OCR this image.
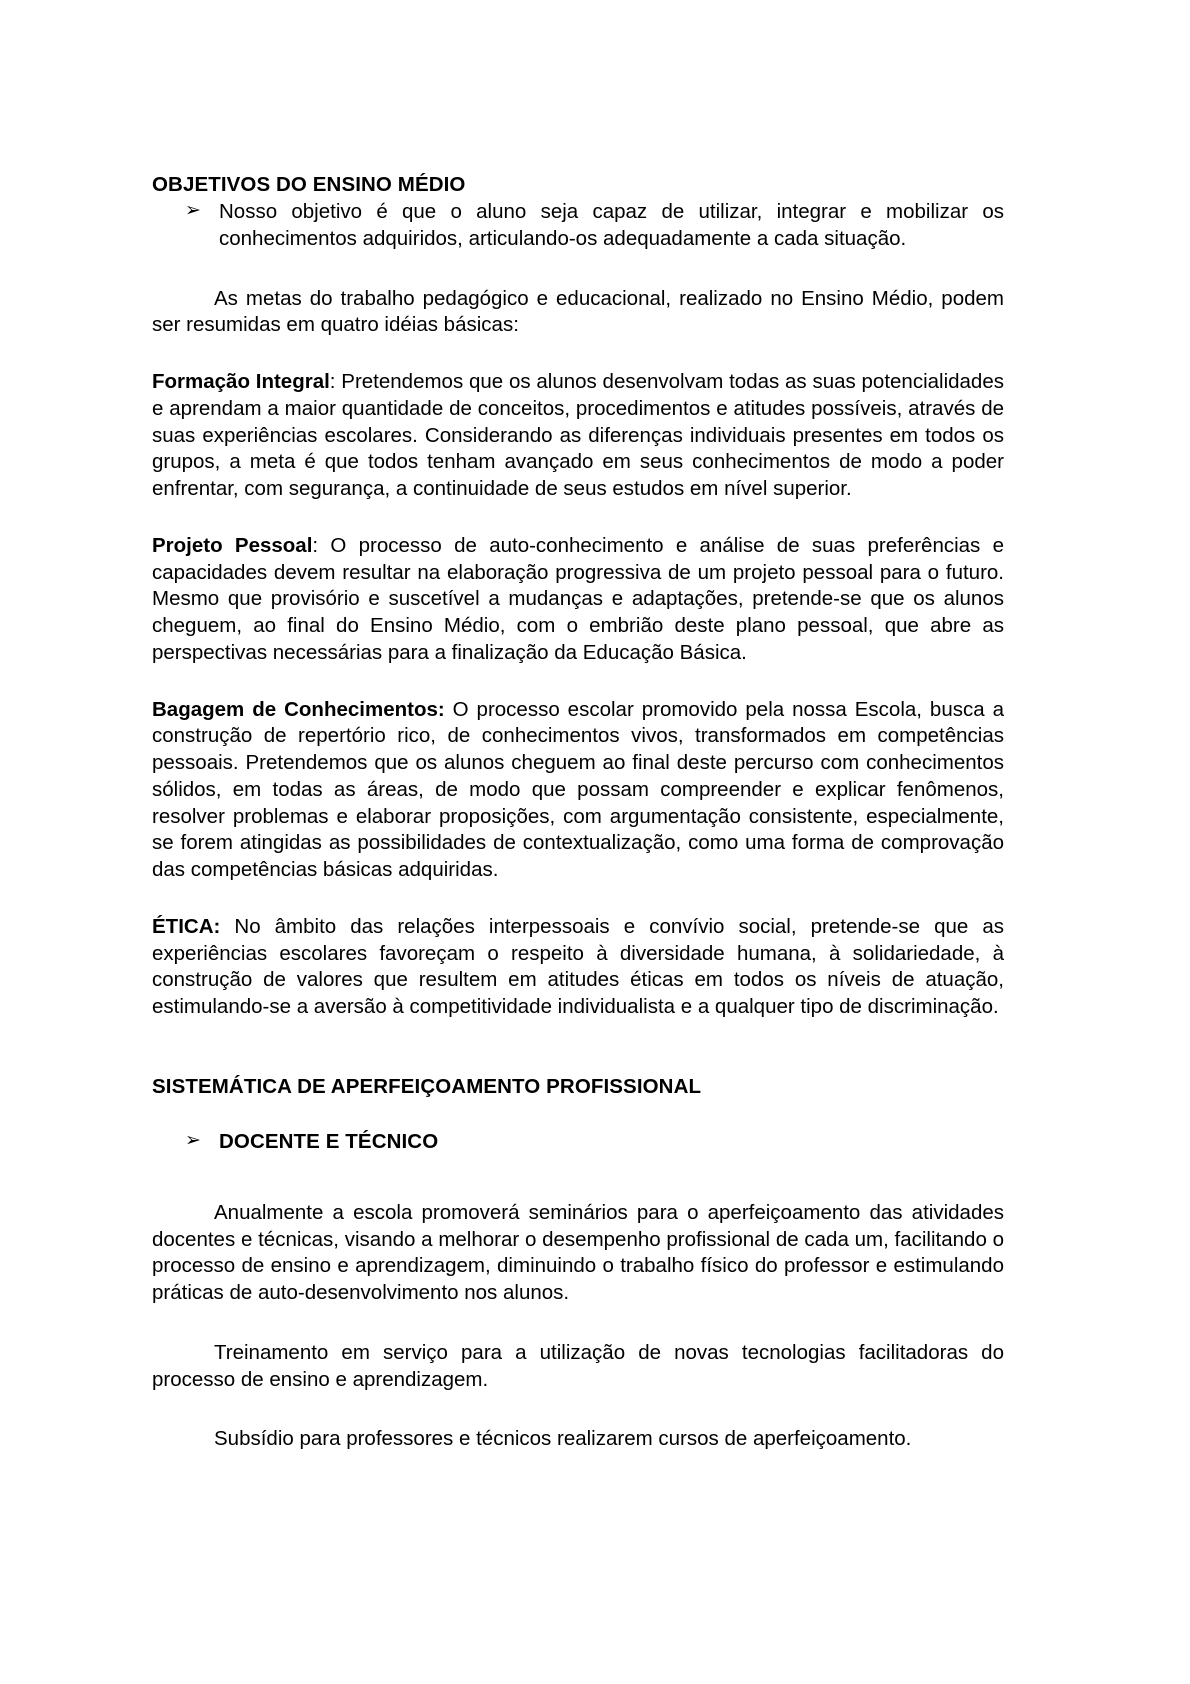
OBJETIVOS DO ENSINO MÉDIO
➢ Nosso objetivo é que o aluno seja capaz de utilizar, integrar e mobilizar os conhecimentos adquiridos, articulando-os adequadamente a cada situação.

As metas do trabalho pedagógico e educacional, realizado no Ensino Médio, podem ser resumidas em quatro idéias básicas:

Formação Integral: Pretendemos que os alunos desenvolvam todas as suas potencialidades e aprendam a maior quantidade de conceitos, procedimentos e atitudes possíveis, através de suas experiências escolares. Considerando as diferenças individuais presentes em todos os grupos, a meta é que todos tenham avançado em seus conhecimentos de modo a poder enfrentar, com segurança, a continuidade de seus estudos em nível superior.

Projeto Pessoal: O processo de auto-conhecimento e análise de suas preferências e capacidades devem resultar na elaboração progressiva de um projeto pessoal para o futuro. Mesmo que provisório e suscetível a mudanças e adaptações, pretende-se que os alunos cheguem, ao final do Ensino Médio, com o embrião deste plano pessoal, que abre as perspectivas necessárias para a finalização da Educação Básica.

Bagagem de Conhecimentos: O processo escolar promovido pela nossa Escola, busca a construção de repertório rico, de conhecimentos vivos, transformados em competências pessoais. Pretendemos que os alunos cheguem ao final deste percurso com conhecimentos sólidos, em todas as áreas, de modo que possam compreender e explicar fenômenos, resolver problemas e elaborar proposições, com argumentação consistente, especialmente, se forem atingidas as possibilidades de contextualização, como uma forma de comprovação das competências básicas adquiridas.

ÉTICA: No âmbito das relações interpessoais e convívio social, pretende-se que as experiências escolares favoreçam o respeito à diversidade humana, à solidariedade, à construção de valores que resultem em atitudes éticas em todos os níveis de atuação, estimulando-se a aversão à competitividade individualista e a qualquer tipo de discriminação.

SISTEMÁTICA DE APERFEIÇOAMENTO PROFISSIONAL
➢ DOCENTE E TÉCNICO

Anualmente a escola promoverá seminários para o aperfeiçoamento das atividades docentes e técnicas, visando a melhorar o desempenho profissional de cada um, facilitando o processo de ensino e aprendizagem, diminuindo o trabalho físico do professor e estimulando práticas de auto-desenvolvimento nos alunos.

Treinamento em serviço para a utilização de novas tecnologias facilitadoras do processo de ensino e aprendizagem.

Subsídio para professores e técnicos realizarem cursos de aperfeiçoamento.
